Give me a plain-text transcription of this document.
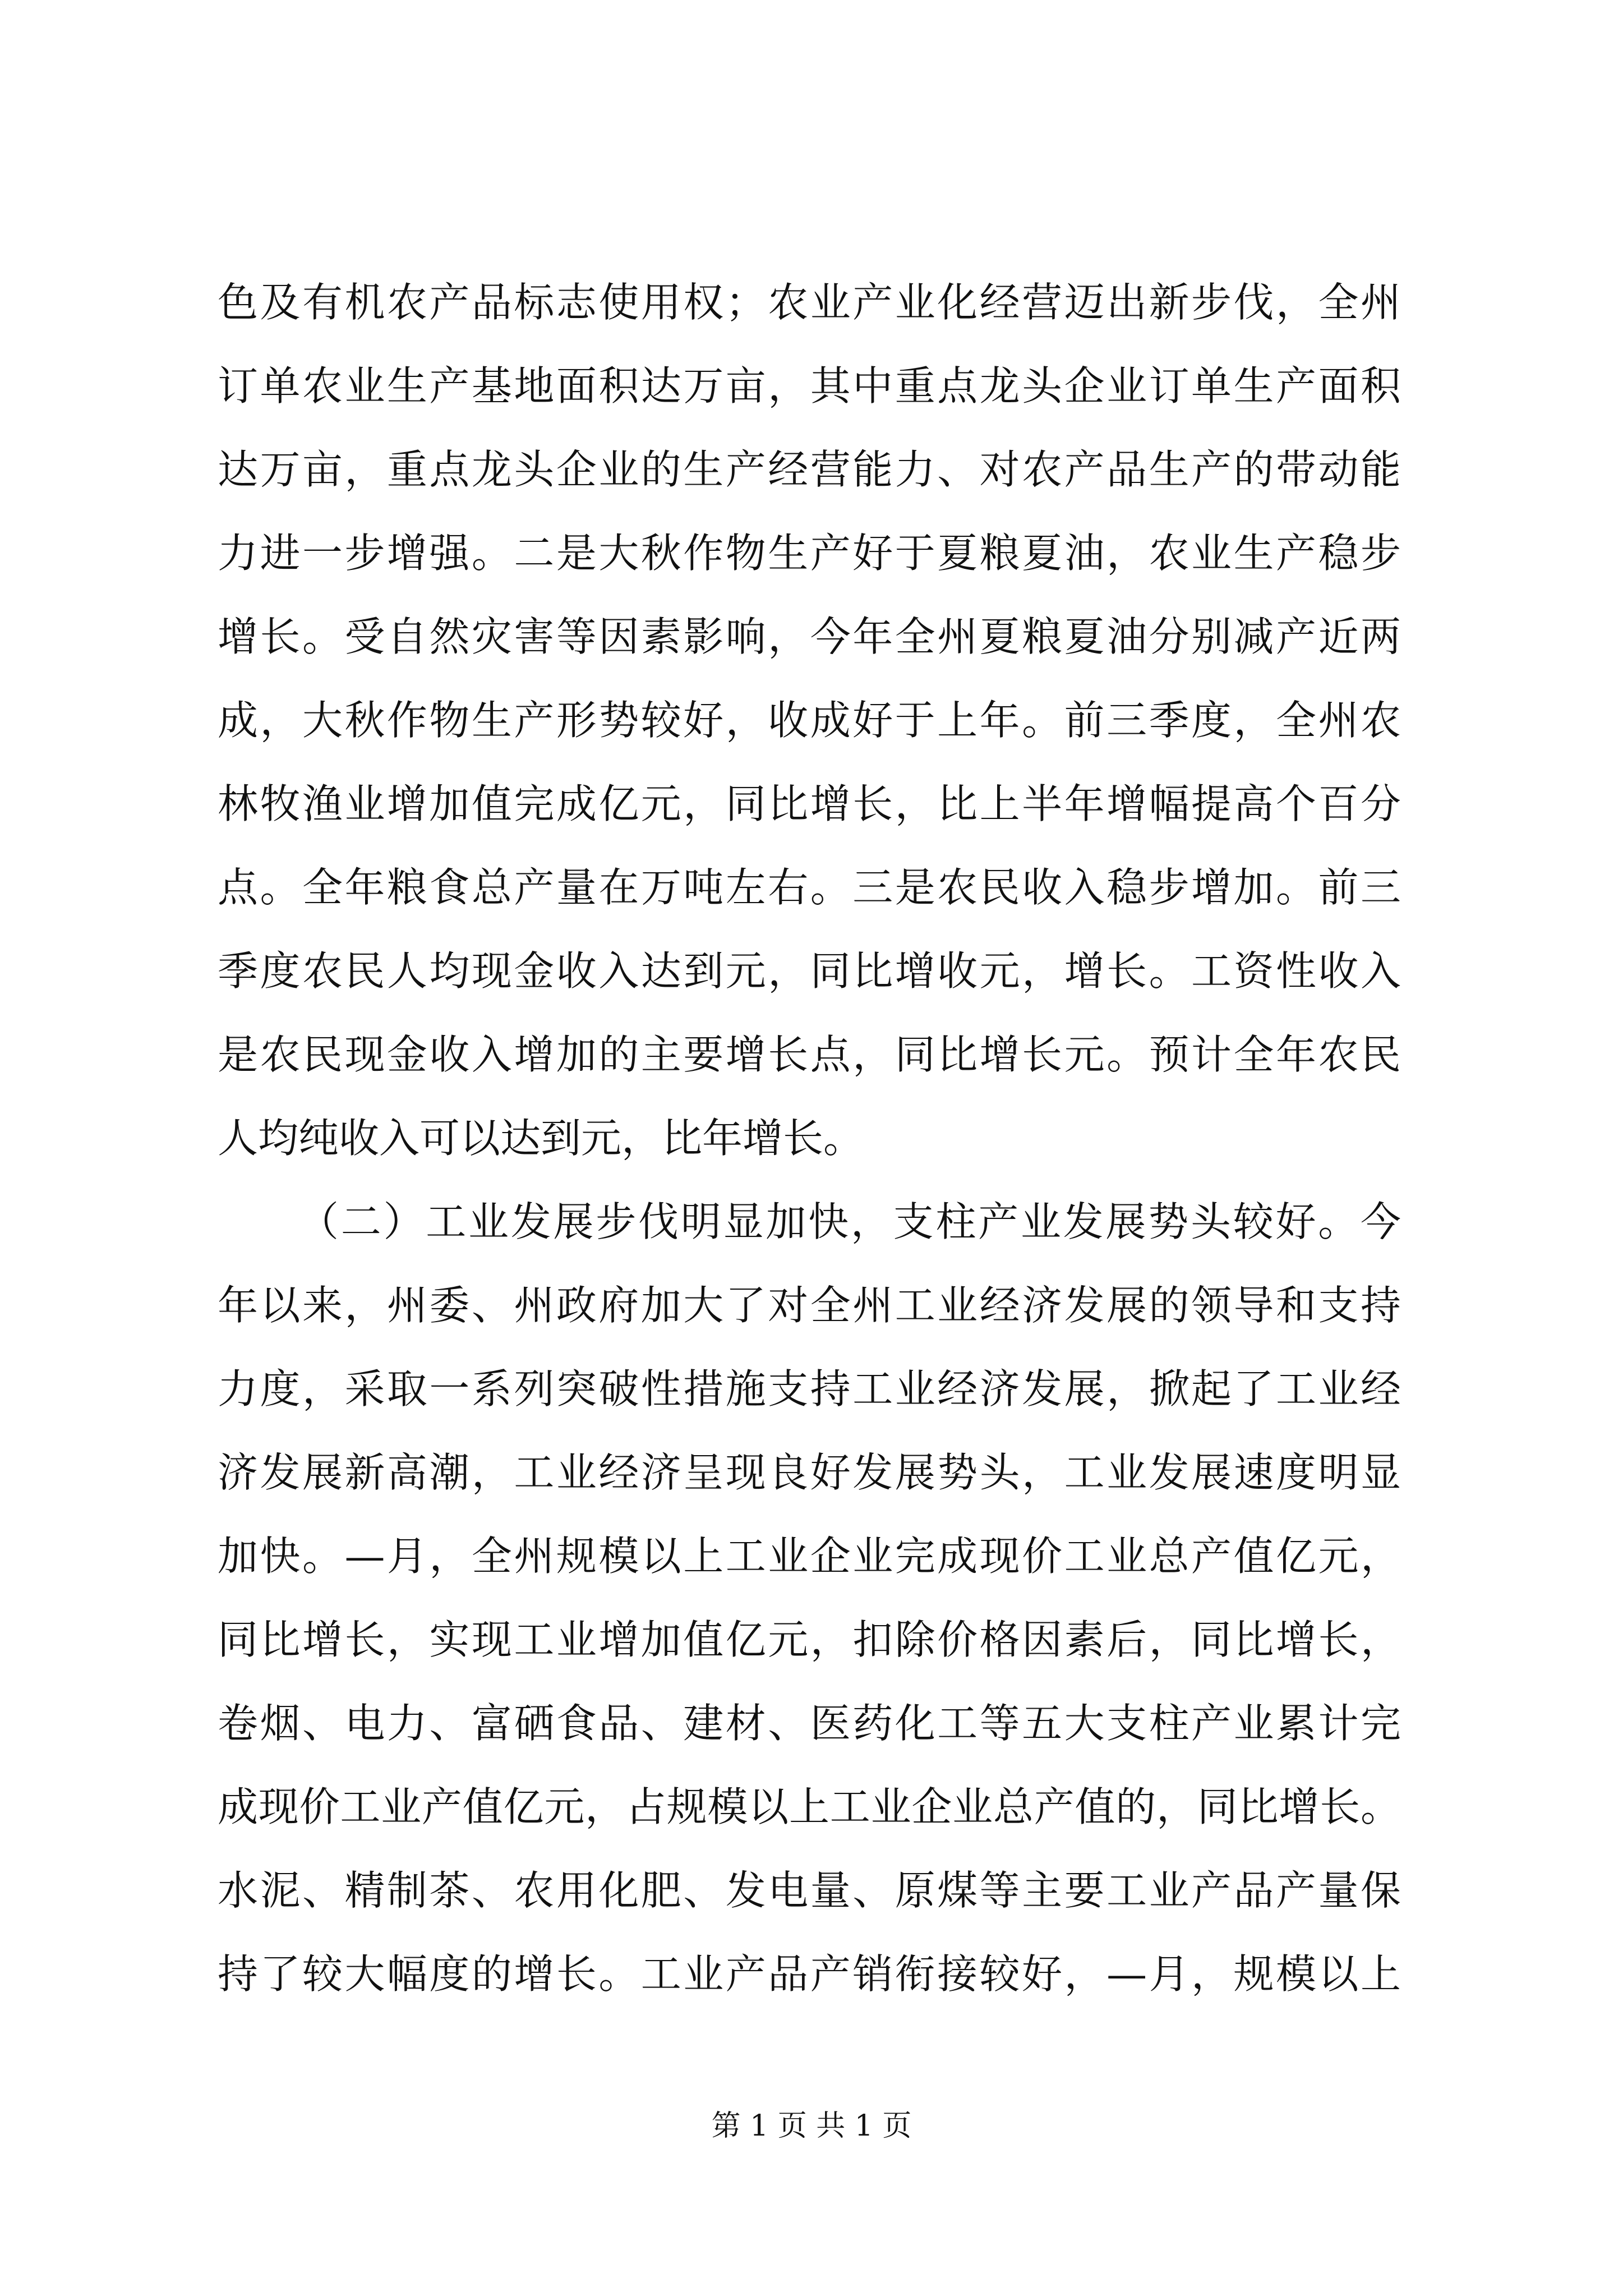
色及有机农产品标志使用权；农业产业化经营迈出新步伐，全州
订单农业生产基地面积达万亩，其中重点龙头企业订单生产面积
达万亩，重点龙头企业的生产经营能力、对农产品生产的带动能
力进一步增强。二是大秋作物生产好于夏粮夏油，农业生产稳步
增长。受自然灾害等因素影响，今年全州夏粮夏油分别减产近两
成，大秋作物生产形势较好，收成好于上年。前三季度，全州农
林牧渔业增加值完成亿元，同比增长，比上半年增幅提高个百分
点。全年粮食总产量在万吨左右。三是农民收入稳步增加。前三
季度农民人均现金收入达到元，同比增收元，增长。工资性收入
是农民现金收入增加的主要增长点，同比增长元。预计全年农民
人均纯收入可以达到元，比年增长。
（二）工业发展步伐明显加快，支柱产业发展势头较好。今
年以来，州委、州政府加大了对全州工业经济发展的领导和支持
力度，采取一系列突破性措施支持工业经济发展，掀起了工业经
济发展新高潮，工业经济呈现良好发展势头，工业发展速度明显
加快。—月，全州规模以上工业企业完成现价工业总产值亿元，
同比增长，实现工业增加值亿元，扣除价格因素后，同比增长，
卷烟、电力、富硒食品、建材、医药化工等五大支柱产业累计完
成现价工业产值亿元，占规模以上工业企业总产值的，同比增长。
水泥、精制茶、农用化肥、发电量、原煤等主要工业产品产量保
持了较大幅度的增长。工业产品产销衔接较好，—月，规模以上
第 1 页 共 1 页
